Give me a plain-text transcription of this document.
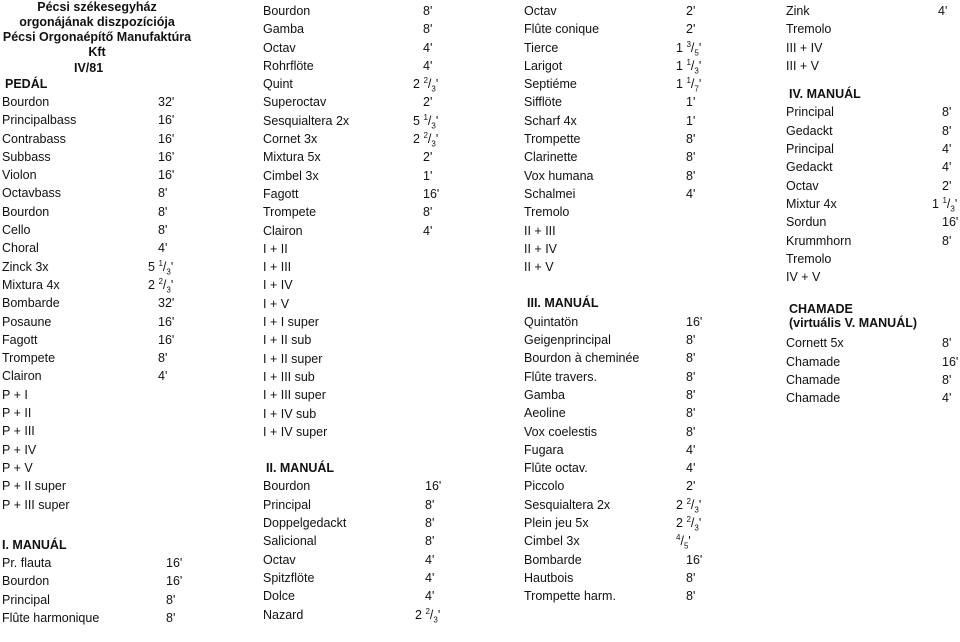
Pécsi székesegyház
orgonájának diszpozíciója
Pécsi Orgonaépítő Manufaktúra
Kft
IV/81
PEDÁL
Bourdon	32'
Principalbass	16'
Contrabass	16'
Subbass	16'
Violon	16'
Octavbass	8'
Bourdon	8'
Cello	8'
Choral	4'
Zinck 3x	5 $^1/_3'$
Mixtura 4x	2 $^2/_3'$
Bombarde	32'
Posaune	16'
Fagott	16'
Trompete	8'
Clairon	4'
P + I
P + II
P + III
P + IV
P + V
P + II super
P + III super
I. MANUÁL
Pr. flauta	16'
Bourdon	16'
Principal	8'
Flûte harmonique	8'
Bourdon	8'
Gamba	8'
Octav	4'
Rohrflöte	4'
Quint	2 $^2/_3'$
Superoctav	2'
Sesquialtera 2x	5 $^1/_3'$
Cornet 3x	2 $^2/_3'$
Mixtura 5x	2'
Cimbel 3x	1'
Fagott	16'
Trompete	8'
Clairon	4'
I + II
I + III
I + IV
I + V
I + I super
I + II sub
I + II super
I + III sub
I + III super
I + IV sub
I + IV super
II. MANUÁL
Bourdon	16'
Principal	8'
Doppelgedackt	8'
Salicional	8'
Octav	4'
Spitzflöte	4'
Dolce	4'
Nazard	2 $^2/_3'$
Octav	2'
Flûte conique	2'
Tierce	1 $^3/_5'$
Larigot	1 $^1/_3'$
Septiéme	1 $^1/_7'$
Sifflöte	1'
Scharf 4x	1'
Trompette	8'
Clarinette	8'
Vox humana	8'
Schalmei	4'
Tremolo
II + III
II + IV
II + V
III. MANUÁL
Quintatön	16'
Geigenprincipal	8'
Bourdon à cheminée	8'
Flûte travers.	8'
Gamba	8'
Aeoline	8'
Vox coelestis	8'
Fugara	4'
Flûte octav.	4'
Piccolo	2'
Sesquialtera 2x	2 $^2/_3'$
Plein jeu 5x	2 $^2/_3'$
Cimbel 3x	$^4/_5'$
Bombarde	16'
Hautbois	8'
Trompette harm.	8'
Zink	4'
Tremolo
III + IV
III + V
IV. MANUÁL
Principal	8'
Gedackt	8'
Principal	4'
Gedackt	4'
Octav	2'
Mixtur 4x	1 $^1/_3'$
Sordun	16'
Krummhorn	8'
Tremolo
IV + V
CHAMADE
(virtuális V. MANUÁL)
Cornett 5x	8'
Chamade	16'
Chamade	8'
Chamade	4'
